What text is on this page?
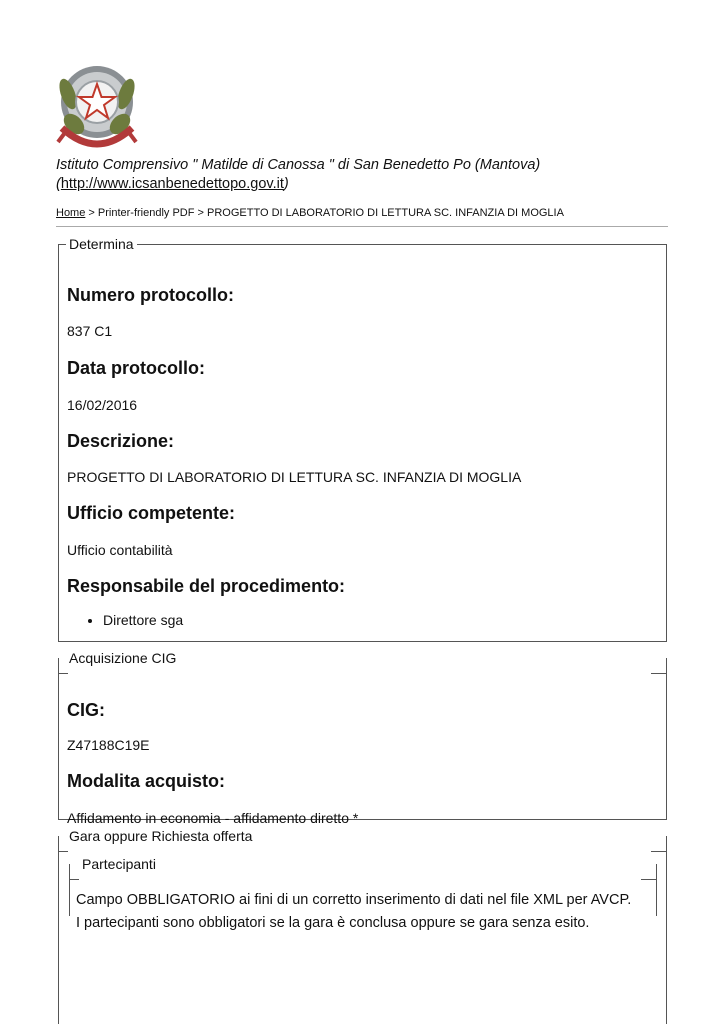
Istituto Comprensivo " Matilde di Canossa " di San Benedetto Po (Mantova) (http://www.icsanbenedettopo.gov.it)
Home > Printer-friendly PDF > PROGETTO DI LABORATORIO DI LETTURA SC. INFANZIA DI MOGLIA
Determina
Numero protocollo:

837 C1

Data protocollo:

16/02/2016

Descrizione:

PROGETTO DI LABORATORIO DI LETTURA SC. INFANZIA DI MOGLIA

Ufficio competente:

Ufficio contabilità

Responsabile del procedimento:
• Direttore sga
Acquisizione CIG
CIG:

Z47188C19E

Modalita acquisto:

Affidamento in economia - affidamento diretto *

Gara oppure Richiesta offerta
Partecipanti
Campo OBBLIGATORIO ai fini di un corretto inserimento di dati nel file XML per AVCP.
I partecipanti sono obbligatori se la gara è conclusa oppure se gara senza esito.
